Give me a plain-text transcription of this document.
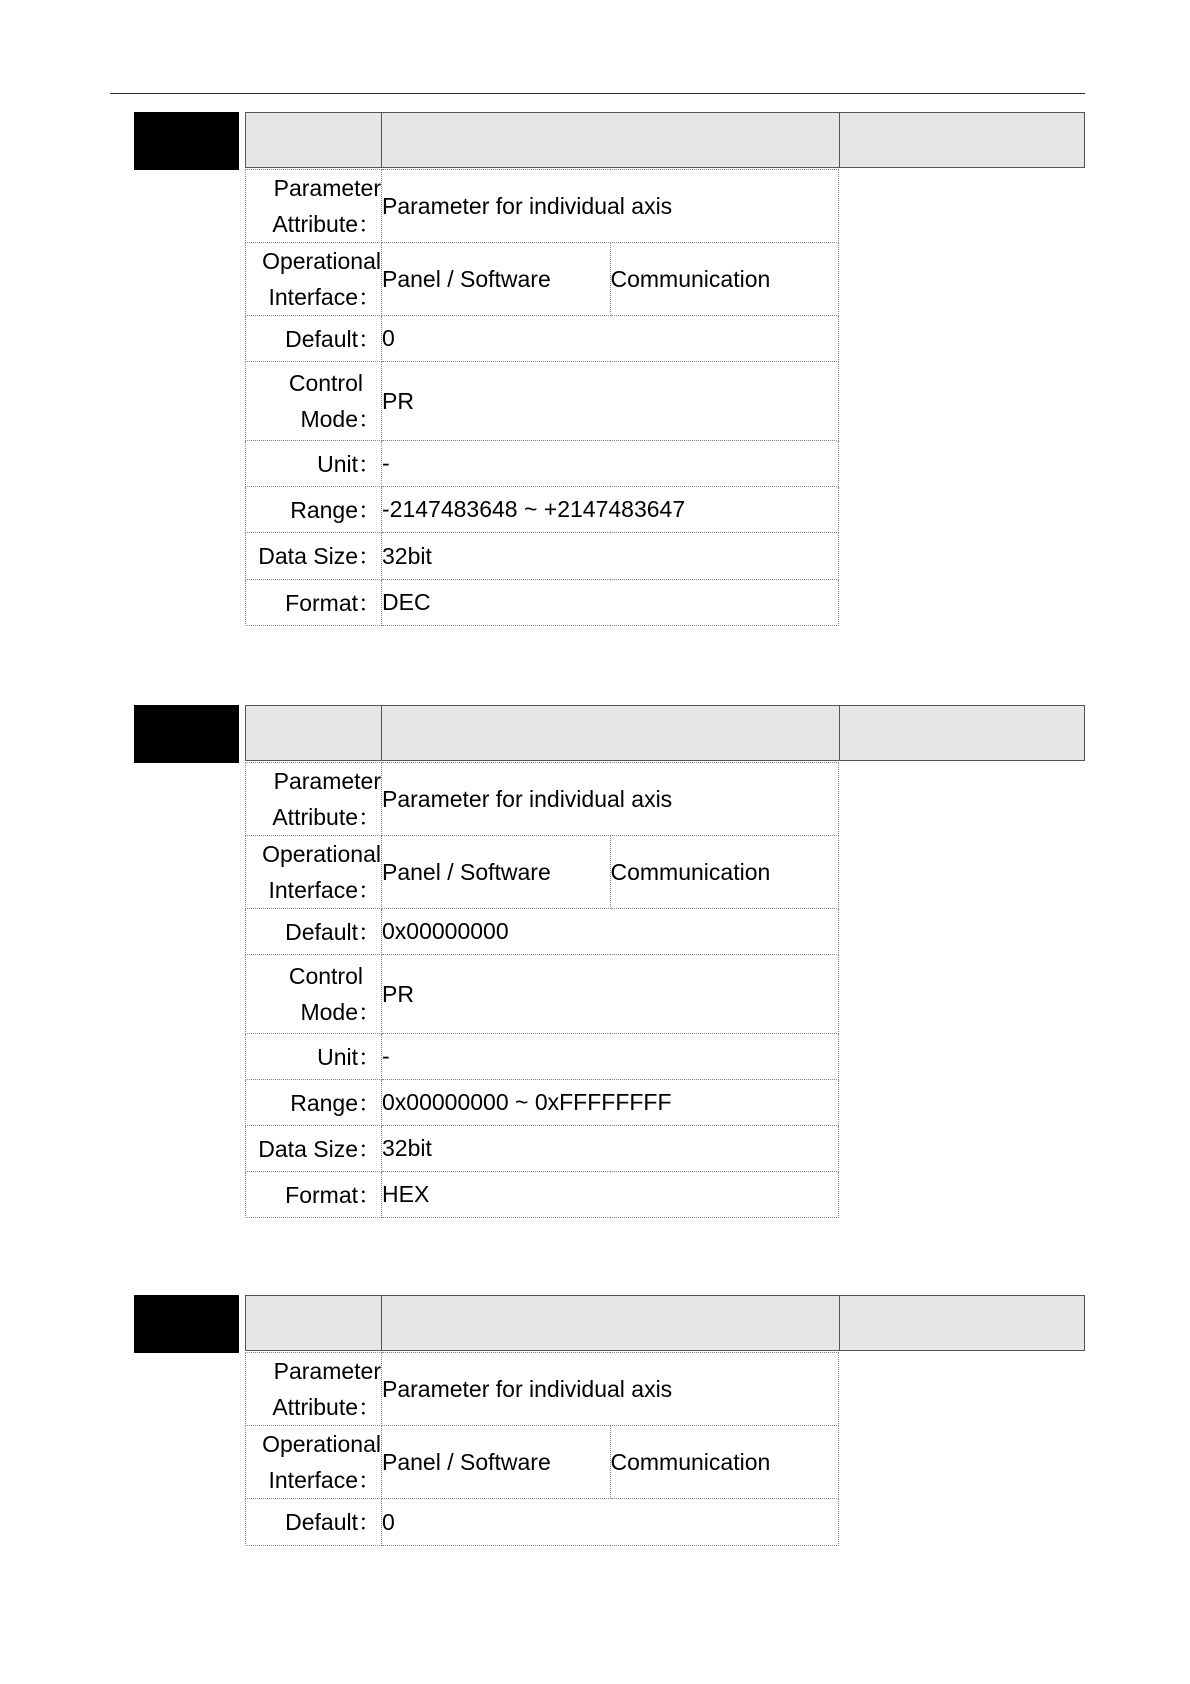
Parameter
Attribute：	Parameter for individual axis	

Operational
Interface：	Panel / Software	Communication
Default：	0	

Control
Mode：	PR	
Unit：	-	
Range：	-2147483648 ~ +2147483647	
Data Size：	32bit	
Format：	DEC	
Parameter
Attribute：	Parameter for individual axis	

Operational
Interface：	Panel / Software	Communication
Default：	0x00000000	

Control
Mode：	PR	
Unit：	-	
Range：	0x00000000 ~ 0xFFFFFFFF	
Data Size：	32bit	
Format：	HEX	
Parameter
Attribute：	Parameter for individual axis	

Operational
Interface：	Panel / Software	Communication
Default：	0	
